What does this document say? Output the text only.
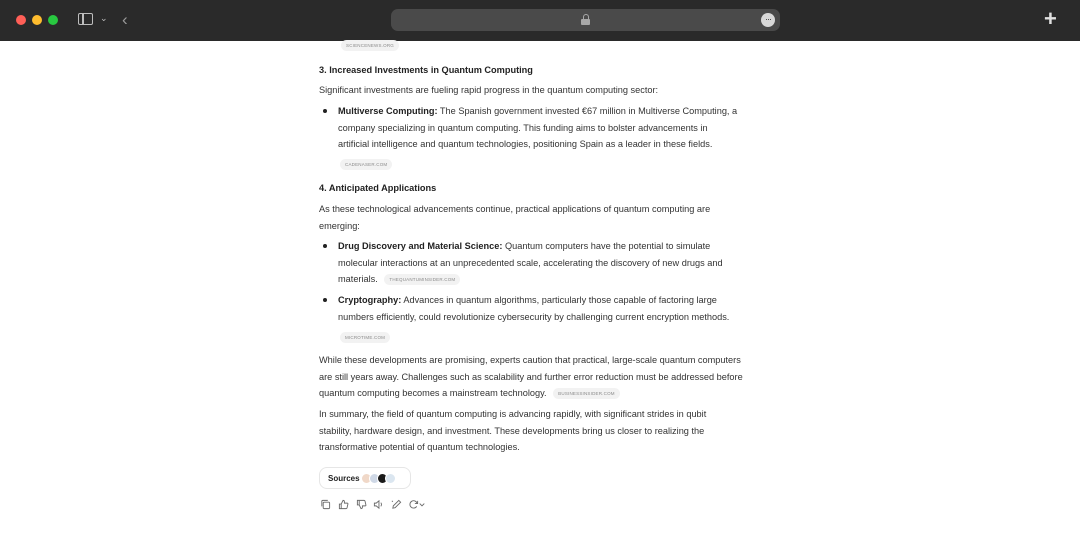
⌄ ‹	···	+
SCIENCENEWS.ORG
3. Increased Investments in Quantum Computing

Significant investments are fueling rapid progress in the quantum computing sector:

Multiverse Computing: The Spanish government invested €67 million in Multiverse Computing, a
company specializing in quantum computing. This funding aims to bolster advancements in
artificial intelligence and quantum technologies, positioning Spain as a leader in these fields.
CADENASER.COM
4. Anticipated Applications

As these technological advancements continue, practical applications of quantum computing are
emerging:

Drug Discovery and Material Science: Quantum computers have the potential to simulate
molecular interactions at an unprecedented scale, accelerating the discovery of new drugs and
materials.	THEQUANTUMINSIDER.COM
Cryptography: Advances in quantum algorithms, particularly those capable of factoring large
numbers efficiently, could revolutionize cybersecurity by challenging current encryption methods.
MICROTIME.COM

While these developments are promising, experts caution that practical, large-scale quantum computers
are still years away. Challenges such as scalability and further error reduction must be addressed before
quantum computing becomes a mainstream technology.	BUSINESSINSIDER.COM

In summary, the field of quantum computing is advancing rapidly, with significant strides in qubit
stability, hardware design, and investment. These developments bring us closer to realizing the
transformative potential of quantum technologies.

Sources
